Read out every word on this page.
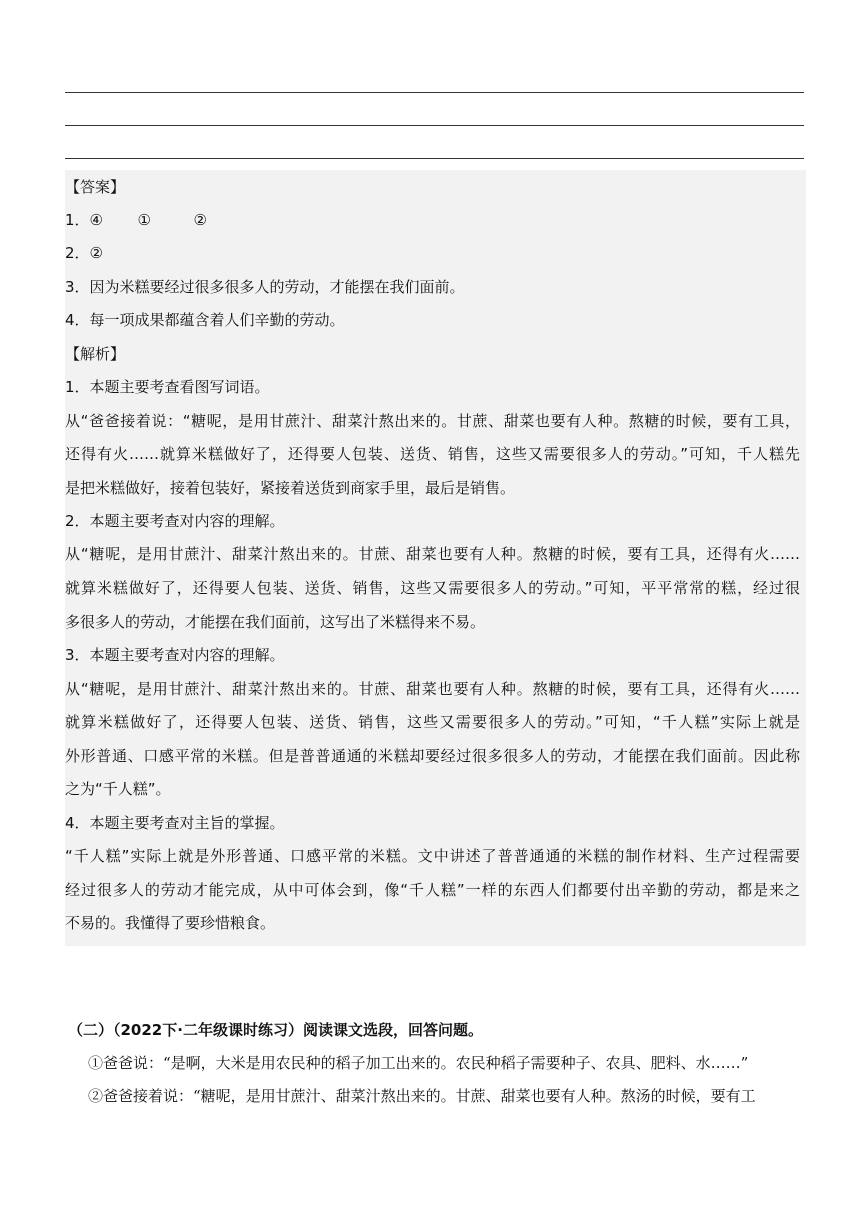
【答案】
1．④ ①	②
2．②
3．因为米糕要经过很多很多人的劳动，才能摆在我们面前。
4．每一项成果都蕴含着人们辛勤的劳动。
【解析】
1．本题主要考查看图写词语。
从“爸爸接着说：“糖呢，是用甘蔗汁、甜菜汁熬出来的。甘蔗、甜菜也要有人种。熬糖的时候，要有工具，
还得有火……就算米糕做好了，还得要人包装、送货、销售，这些又需要很多人的劳动。”可知，千人糕先
是把米糕做好，接着包装好，紧接着送货到商家手里，最后是销售。
2．本题主要考查对内容的理解。
从“糖呢，是用甘蔗汁、甜菜汁熬出来的。甘蔗、甜菜也要有人种。熬糖的时候，要有工具，还得有火……
就算米糕做好了，还得要人包装、送货、销售，这些又需要很多人的劳动。”可知，平平常常的糕，经过很
多很多人的劳动，才能摆在我们面前，这写出了米糕得来不易。
3．本题主要考查对内容的理解。
从“糖呢，是用甘蔗汁、甜菜汁熬出来的。甘蔗、甜菜也要有人种。熬糖的时候，要有工具，还得有火……
就算米糕做好了，还得要人包装、送货、销售，这些又需要很多人的劳动。”可知，“千人糕”实际上就是
外形普通、口感平常的米糕。但是普普通通的米糕却要经过很多很多人的劳动，才能摆在我们面前。因此称
之为“千人糕”。
4．本题主要考查对主旨的掌握。
“千人糕”实际上就是外形普通、口感平常的米糕。文中讲述了普普通通的米糕的制作材料、生产过程需要
经过很多人的劳动才能完成，从中可体会到，像“千人糕”一样的东西人们都要付出辛勤的劳动，都是来之
不易的。我懂得了要珍惜粮食。
（二）（2022下·二年级课时练习）阅读课文选段，回答问题。
①爸爸说：“是啊，大米是用农民种的稻子加工出来的。农民种稻子需要种子、农具、肥料、水……”
②爸爸接着说：“糖呢，是用甘蔗汁、甜菜汁熬出来的。甘蔗、甜菜也要有人种。熬汤的时候，要有工
